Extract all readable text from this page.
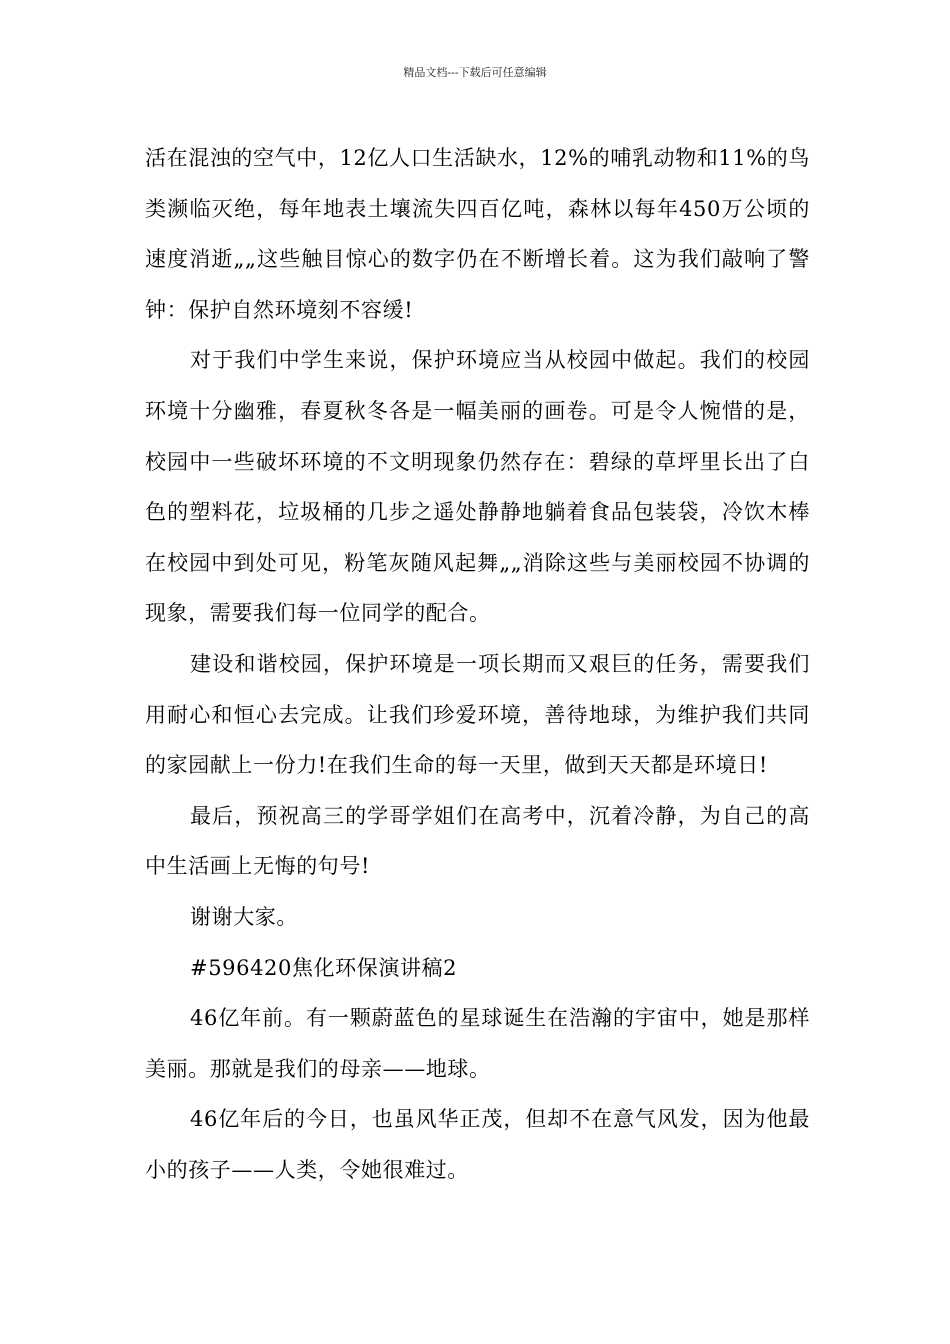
精品文档---下载后可任意编辑

活在混浊的空气中，12亿人口生活缺水，12%的哺乳动物和11%的鸟类濒临灭绝，每年地表土壤流失四百亿吨，森林以每年450万公顷的速度消逝„„这些触目惊心的数字仍在不断增长着。这为我们敲响了警钟：保护自然环境刻不容缓!

对于我们中学生来说，保护环境应当从校园中做起。我们的校园环境十分幽雅，春夏秋冬各是一幅美丽的画卷。可是令人惋惜的是，校园中一些破坏环境的不文明现象仍然存在：碧绿的草坪里长出了白色的塑料花，垃圾桶的几步之遥处静静地躺着食品包装袋，冷饮木棒在校园中到处可见，粉笔灰随风起舞„„消除这些与美丽校园不协调的现象，需要我们每一位同学的配合。

建设和谐校园，保护环境是一项长期而又艰巨的任务，需要我们用耐心和恒心去完成。让我们珍爱环境，善待地球，为维护我们共同的家园献上一份力!在我们生命的每一天里，做到天天都是环境日!

最后，预祝高三的学哥学姐们在高考中，沉着冷静，为自己的高中生活画上无悔的句号!

谢谢大家。

#596420焦化环保演讲稿2

46亿年前。有一颗蔚蓝色的星球诞生在浩瀚的宇宙中，她是那样美丽。那就是我们的母亲——地球。

46亿年后的今日，也虽风华正茂，但却不在意气风发，因为他最小的孩子——人类，令她很难过。
